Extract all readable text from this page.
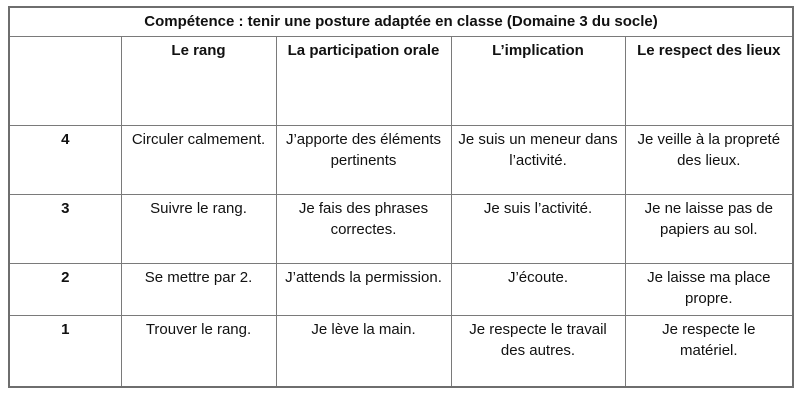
Compétence : tenir une posture adaptée en classe (Domaine 3 du socle)				
	Le rang	La participation orale	L’implication	Le respect des lieux
4	Circuler calmement.	J’apporte des éléments pertinents	Je suis un meneur dans l’activité.	Je veille à la propreté des lieux.
3	Suivre le rang.	Je fais des phrases correctes.	Je suis l’activité.	Je ne laisse pas de papiers au sol.
2	Se mettre par 2.	J’attends la permission.	J’écoute.	Je laisse ma place propre.
1	Trouver le rang.	Je lève la main.	Je respecte le travail des autres.	Je respecte le matériel.
